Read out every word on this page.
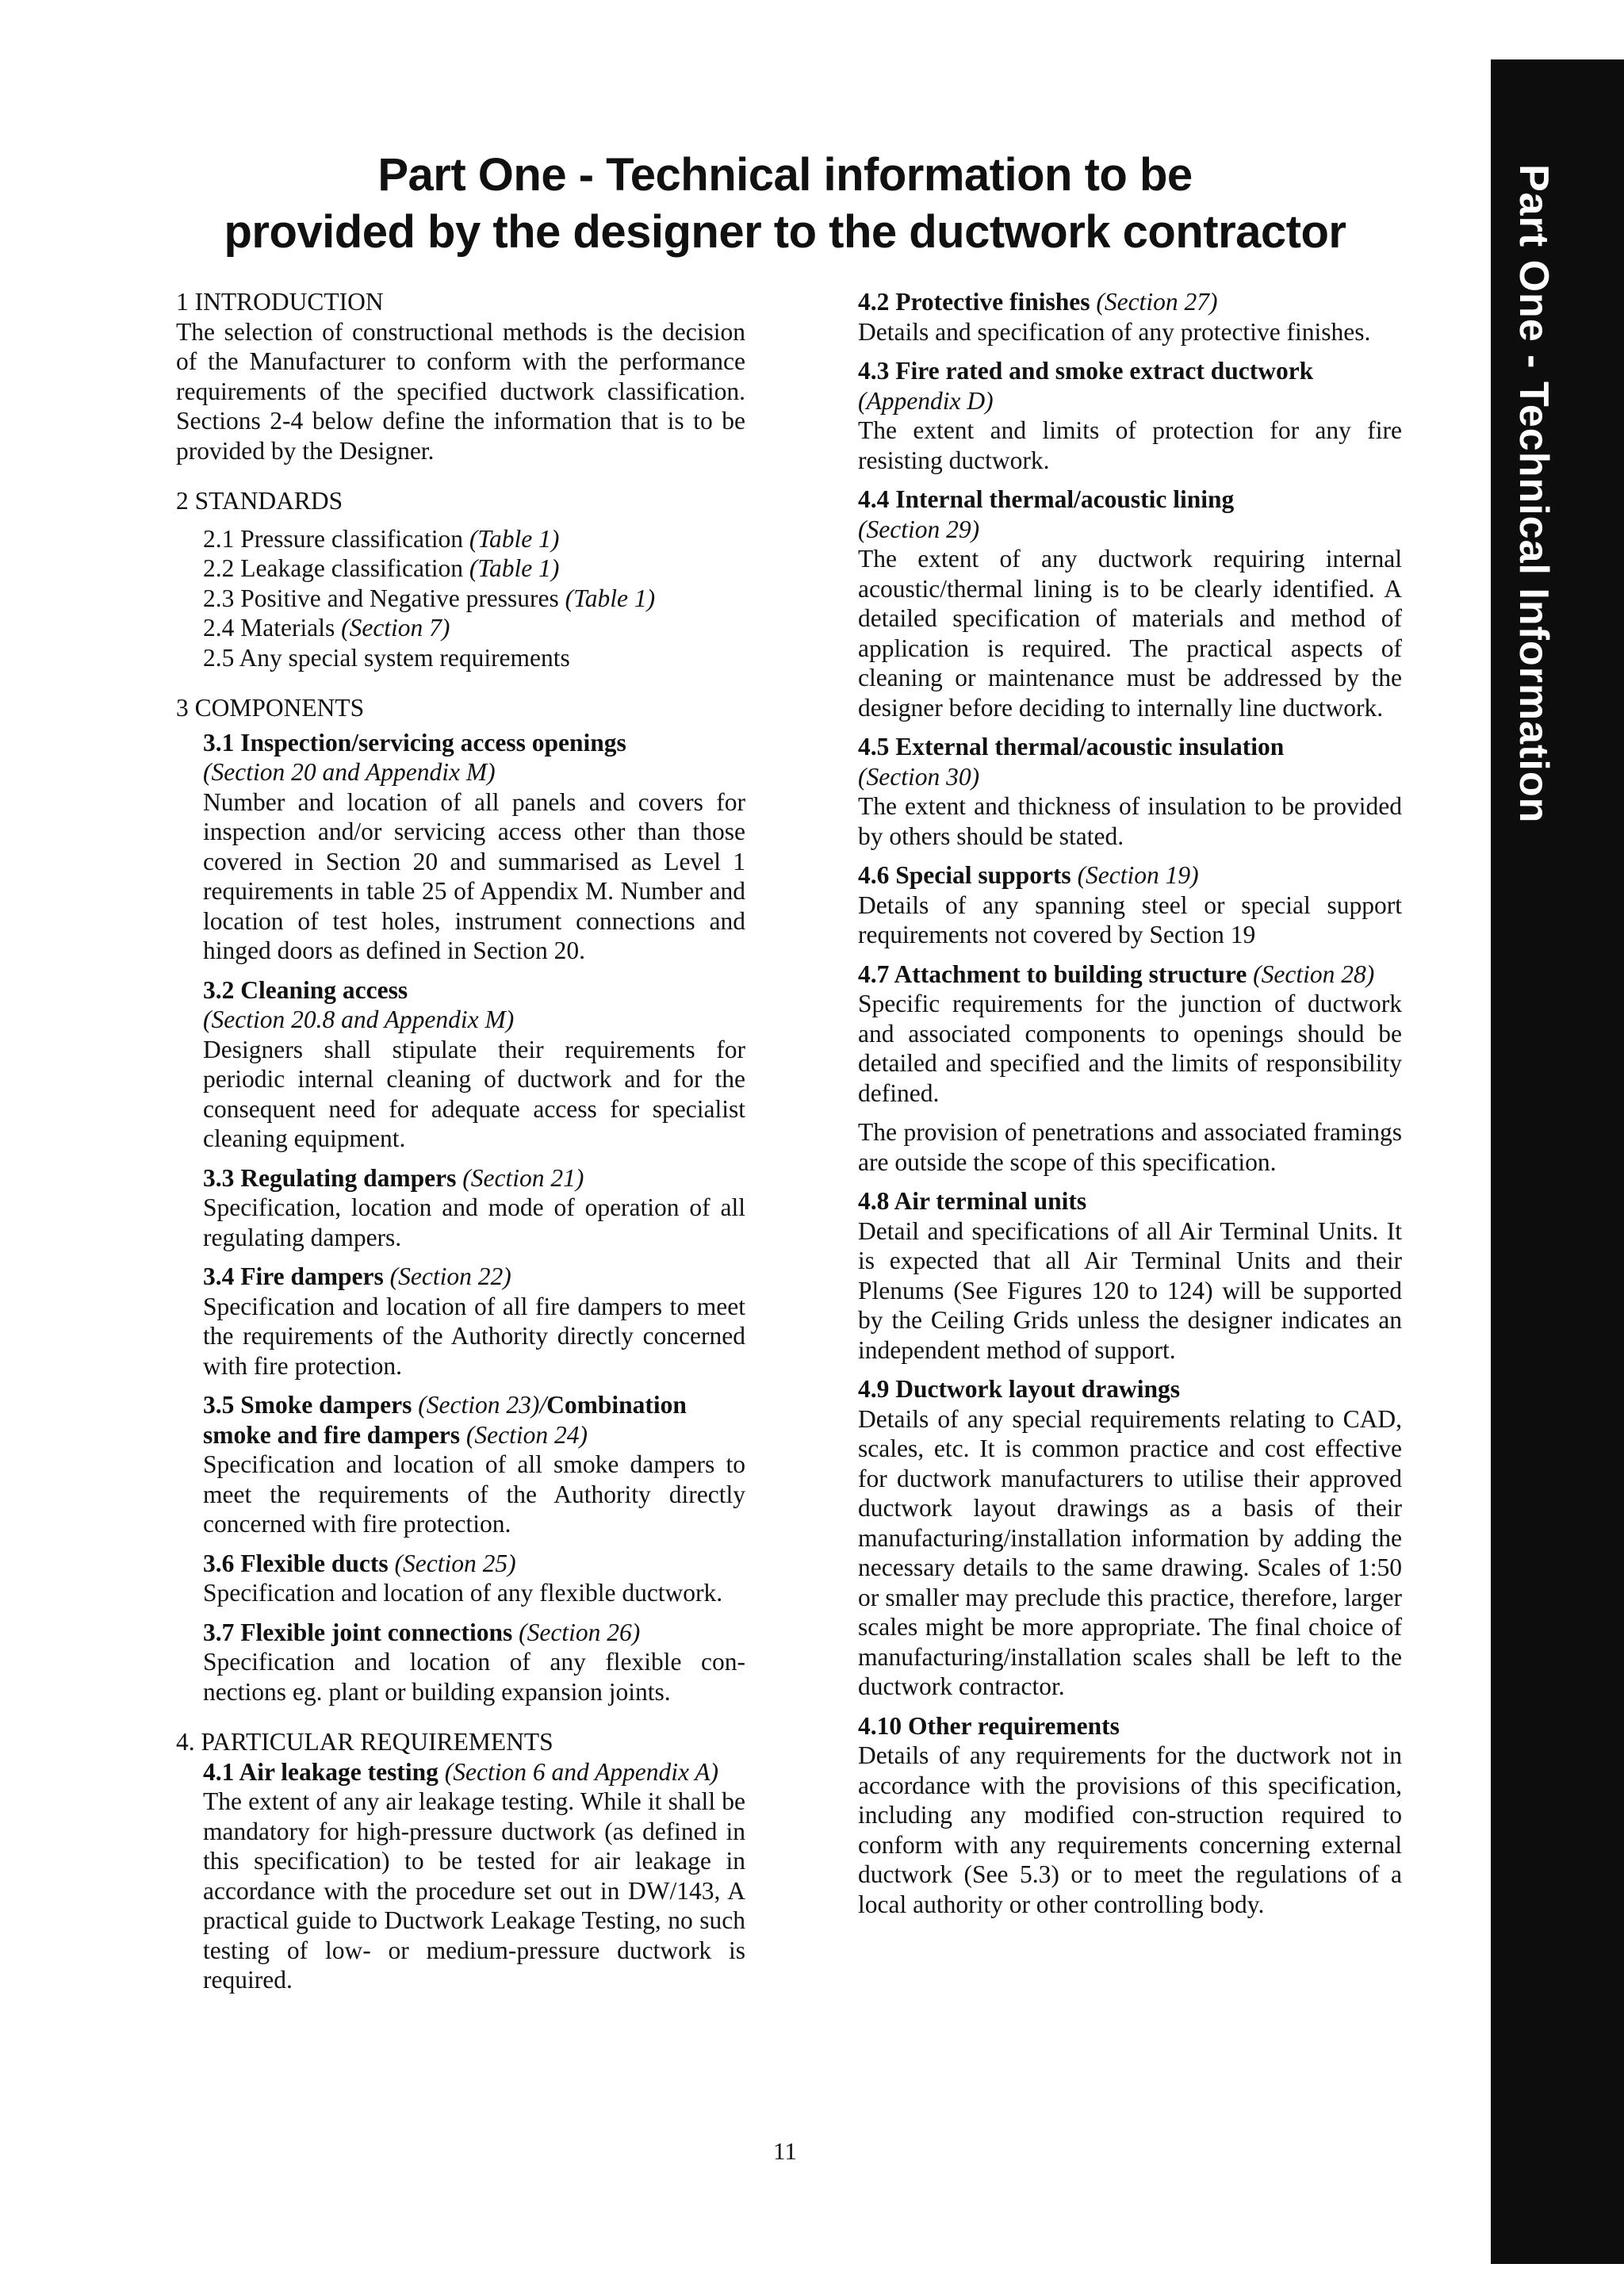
Part One - Technical information to be
provided by the designer to the ductwork contractor	Part One - Technical Information
1 INTRODUCTION
The selection of constructional methods is the decision of the Manufacturer to conform with the performance requirements of the specified ductwork classification. Sections 2-4 below define the information that is to be provided by the Designer.
2 STANDARDS
2.1 Pressure classification (Table 1)
2.2 Leakage classification (Table 1)
2.3 Positive and Negative pressures (Table 1)
2.4 Materials (Section 7)
2.5 Any special system requirements
3 COMPONENTS
3.1 Inspection/servicing access openings
(Section 20 and Appendix M)
Number and location of all panels and covers for inspection and/or servicing access other than those covered in Section 20 and summarised as Level 1 requirements in table 25 of Appendix M. Number and location of test holes, instrument connections and hinged doors as defined in Section 20.
3.2 Cleaning access
(Section 20.8 and Appendix M)
Designers shall stipulate their requirements for periodic internal cleaning of ductwork and for the consequent need for adequate access for specialist cleaning equipment.
3.3 Regulating dampers (Section 21)
Specification, location and mode of operation of all regulating dampers.
3.4 Fire dampers (Section 22)
Specification and location of all fire dampers to meet the requirements of the Authority directly concerned with fire protection.
3.5 Smoke dampers (Section 23)/Combination smoke and fire dampers (Section 24)
Specification and location of all smoke dampers to meet the requirements of the Authority directly concerned with fire protection.
3.6 Flexible ducts (Section 25)
Specification and location of any flexible ductwork.
3.7 Flexible joint connections (Section 26)
Specification and location of any flexible con-nections eg. plant or building expansion joints.
4. PARTICULAR REQUIREMENTS
4.1 Air leakage testing (Section 6 and Appendix A)
The extent of any air leakage testing. While it shall be mandatory for high-pressure ductwork (as defined in this specification) to be tested for air leakage in accordance with the procedure set out in DW/143, A practical guide to Ductwork Leakage Testing, no such testing of low- or medium-pressure ductwork is required.
4.2 Protective finishes (Section 27)
Details and specification of any protective finishes.
4.3 Fire rated and smoke extract ductwork
(Appendix D)
The extent and limits of protection for any fire resisting ductwork.
4.4 Internal thermal/acoustic lining
(Section 29)
The extent of any ductwork requiring internal acoustic/thermal lining is to be clearly identified. A detailed specification of materials and method of application is required. The practical aspects of cleaning or maintenance must be addressed by the designer before deciding to internally line ductwork.
4.5 External thermal/acoustic insulation
(Section 30)
The extent and thickness of insulation to be provided by others should be stated.
4.6 Special supports (Section 19)
Details of any spanning steel or special support requirements not covered by Section 19
4.7 Attachment to building structure (Section 28)
Specific requirements for the junction of ductwork and associated components to openings should be detailed and specified and the limits of responsibility defined.
The provision of penetrations and associated framings are outside the scope of this specification.
4.8 Air terminal units
Detail and specifications of all Air Terminal Units. It is expected that all Air Terminal Units and their Plenums (See Figures 120 to 124) will be supported by the Ceiling Grids unless the designer indicates an independent method of support.
4.9 Ductwork layout drawings
Details of any special requirements relating to CAD, scales, etc. It is common practice and cost effective for ductwork manufacturers to utilise their approved ductwork layout drawings as a basis of their manufacturing/installation information by adding the necessary details to the same drawing. Scales of 1:50 or smaller may preclude this practice, therefore, larger scales might be more appropriate. The final choice of manufacturing/installation scales shall be left to the ductwork contractor.
4.10 Other requirements
Details of any requirements for the ductwork not in accordance with the provisions of this specification, including any modified con-struction required to conform with any requirements concerning external ductwork (See 5.3) or to meet the regulations of a local authority or other controlling body.
11
